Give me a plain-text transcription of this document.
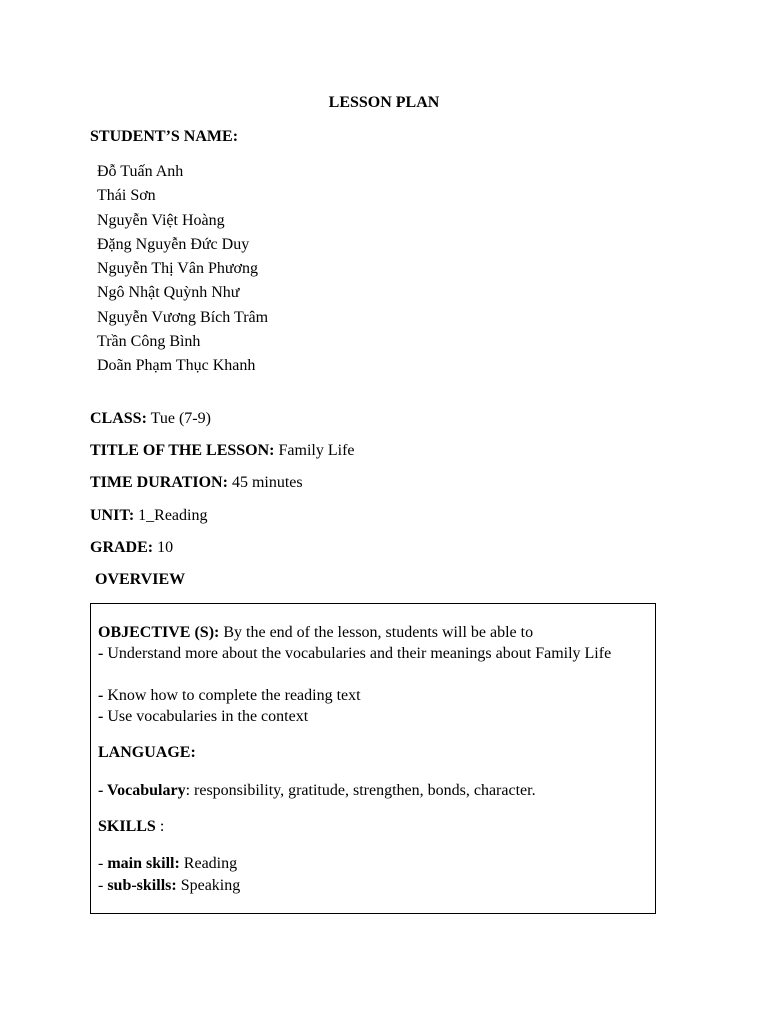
LESSON PLAN
STUDENT’S NAME:
Đỗ Tuấn Anh
Thái Sơn
Nguyễn Việt Hoàng
Đặng Nguyễn Đức Duy
Nguyễn Thị Vân Phương
Ngô Nhật Quỳnh Như
Nguyễn Vương Bích Trâm
Trần Công Bình
Doãn Phạm Thục Khanh
CLASS: Tue (7-9)
TITLE OF THE LESSON: Family Life
TIME DURATION: 45 minutes
UNIT: 1_Reading
GRADE: 10
OVERVIEW
OBJECTIVE (S): By the end of the lesson, students will be able to
- Understand more about the vocabularies and their meanings about Family Life
- Know how to complete the reading text
- Use vocabularies in the context
LANGUAGE:
- Vocabulary: responsibility, gratitude, strengthen, bonds, character.
SKILLS :
- main skill: Reading
- sub-skills: Speaking
